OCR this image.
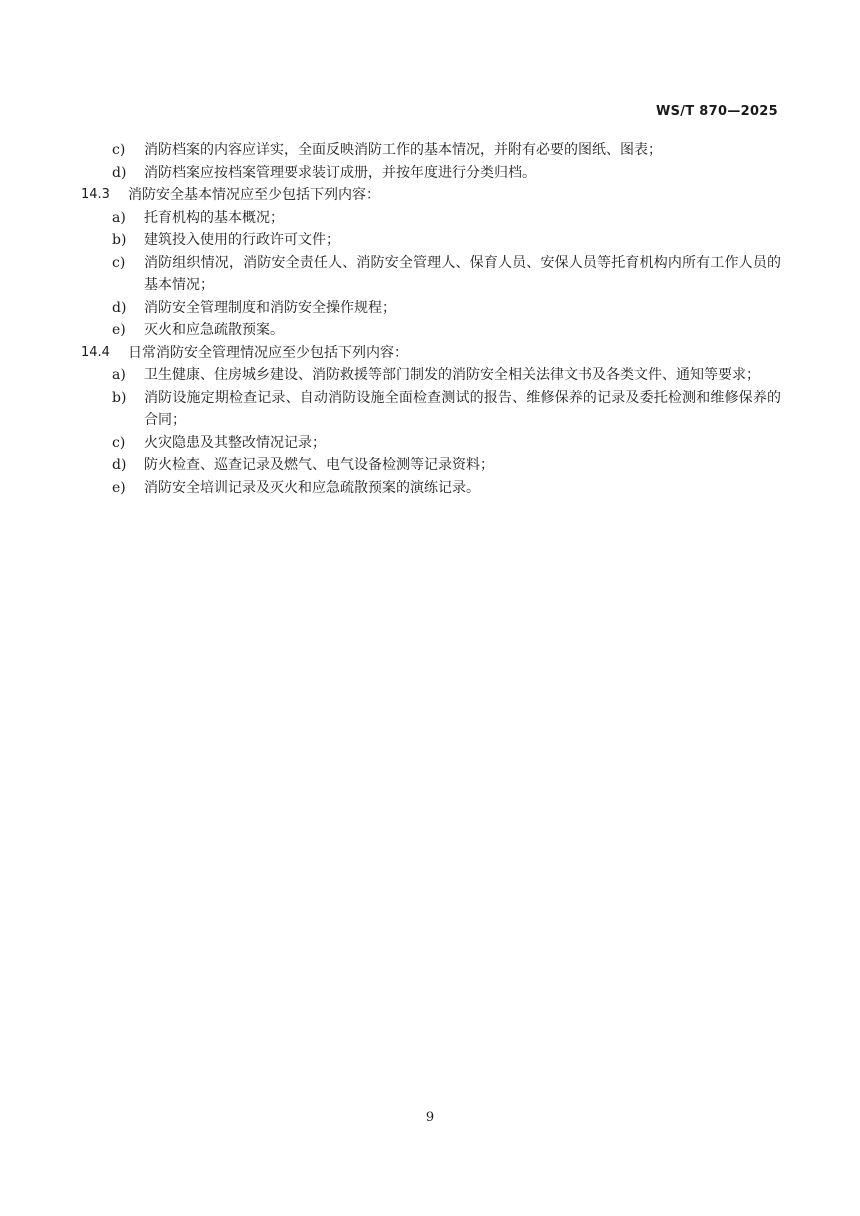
WS/T 870—2025
c)	消防档案的内容应详实，全面反映消防工作的基本情况，并附有必要的图纸、图表；
d)	消防档案应按档案管理要求装订成册，并按年度进行分类归档。
14.3 消防安全基本情况应至少包括下列内容：
a)	托育机构的基本概况；
b)	建筑投入使用的行政许可文件；
c)	消防组织情况，消防安全责任人、消防安全管理人、保育人员、安保人员等托育机构内所有工作人员的基本情况；
d)	消防安全管理制度和消防安全操作规程；
e)	灭火和应急疏散预案。
14.4 日常消防安全管理情况应至少包括下列内容：
a)	卫生健康、住房城乡建设、消防救援等部门制发的消防安全相关法律文书及各类文件、通知等要求；
b)	消防设施定期检查记录、自动消防设施全面检查测试的报告、维修保养的记录及委托检测和维修保养的合同；
c)	火灾隐患及其整改情况记录；
d)	防火检查、巡查记录及燃气、电气设备检测等记录资料；
e)	消防安全培训记录及灭火和应急疏散预案的演练记录。
9
